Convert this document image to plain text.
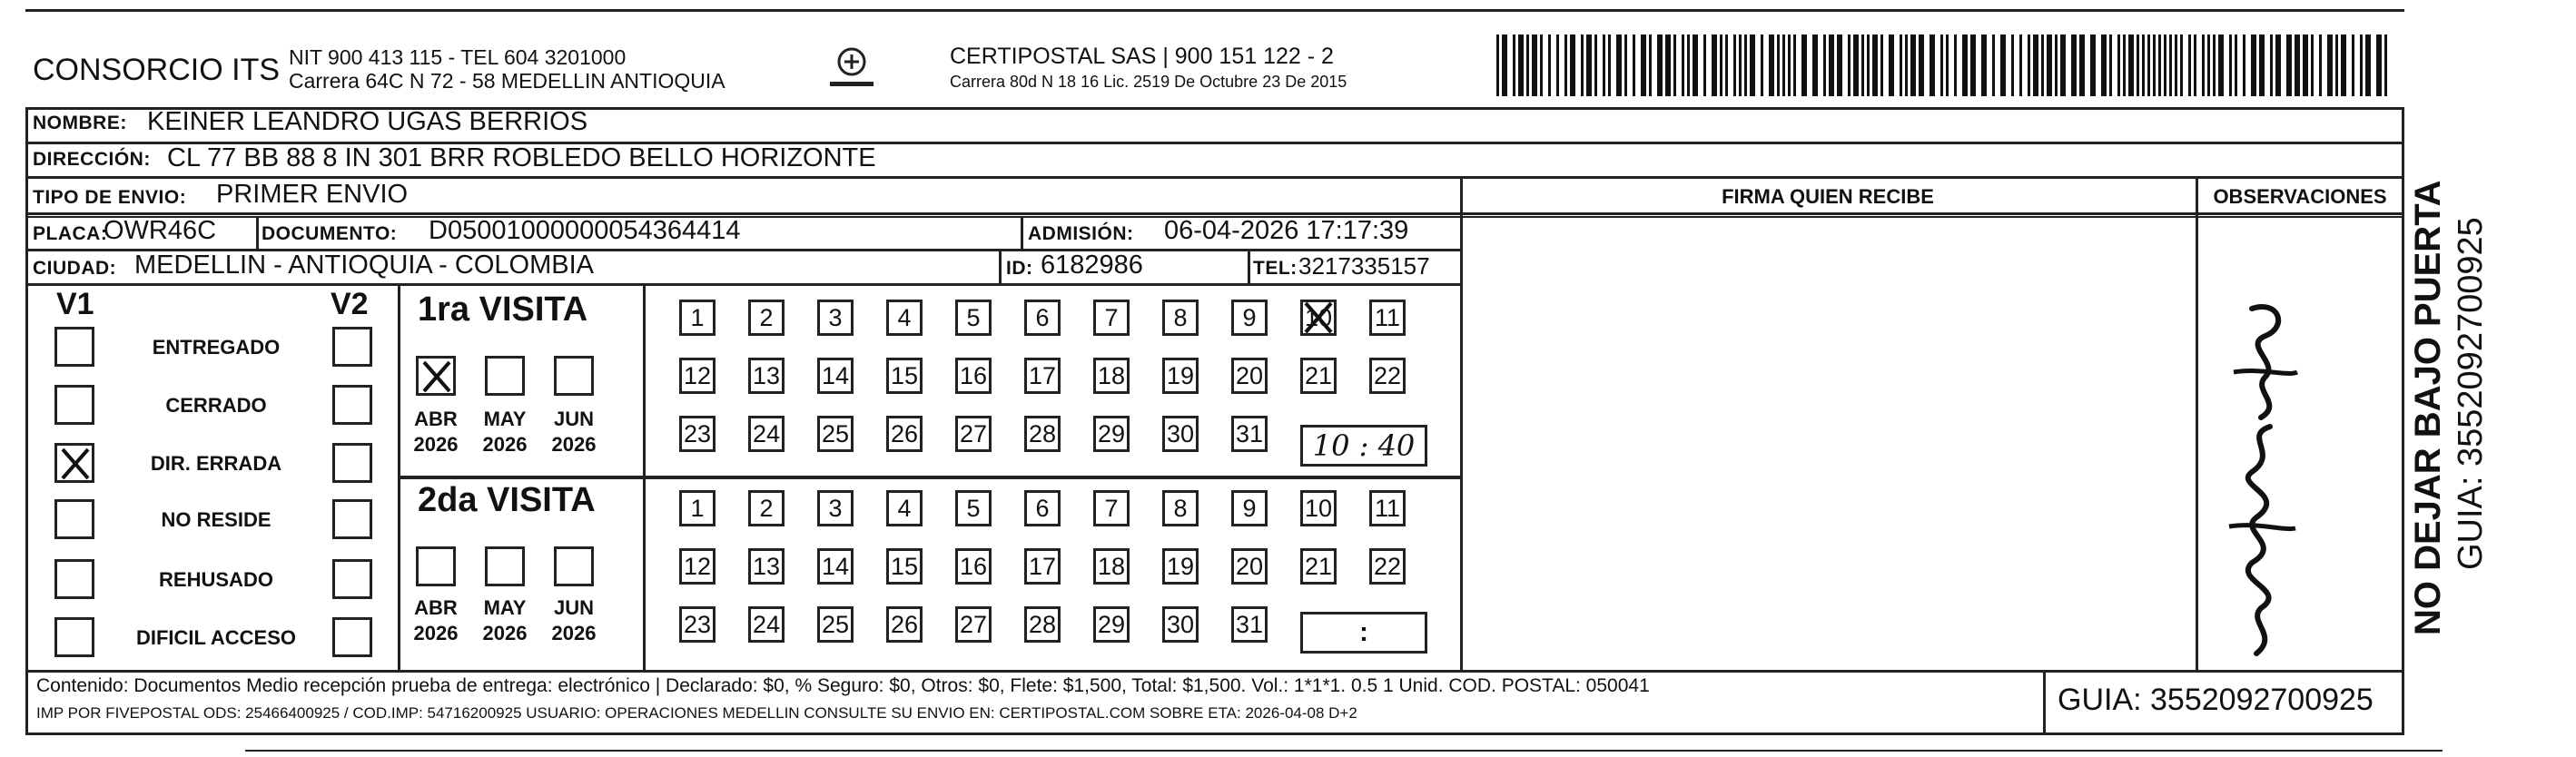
CONSORCIO ITS NIT 900 413 115 - TEL 604 3201000
Carrera 64C N 72 - 58 MEDELLIN ANTIOQUIA
CERTIPOSTAL SAS | 900 151 122 - 2
Carrera 80d N 18 16 Lic. 2519 De Octubre 23 De 2015
NOMBRE: KEINER LEANDRO UGAS BERRIOS
DIRECCIÓN: CL 77 BB 88 8 IN 301 BRR ROBLEDO BELLO HORIZONTE
TIPO DE ENVIO: PRIMER ENVIO	FIRMA QUIEN RECIBE	OBSERVACIONES
PLACA:
OWR46C DOCUMENTO: D05001000000054364414	ADMISIÓN: 06-04-2026 17:17:39
CIUDAD: MEDELLIN - ANTIOQUIA - COLOMBIA	ID: 6182986	TEL: 3217335157
V1	V2
ENTREGADO
CERRADO
DIR. ERRADA
NO RESIDE
REHUSADO
DIFICIL ACCESO
1ra VISITA
2da VISITA
ABR
2026
MAY
2026
JUN
2026
ABR
2026
MAY
2026
JUN
2026
1	2	3	4	5	6	7	8	9	10 11
12 13 14 15 16 17 18 19 20 21 22
23 24 25 26 27 28 29 30 31
1	2	3	4	5	6	7	8	9	10 11
12 13 14 15 16 17 18 19 20 21 22
23 24 25 26 27 28 29 30 31
10 : 40
:
Contenido: Documentos Medio recepción prueba de entrega: electrónico | Declarado: $0, % Seguro: $0, Otros: $0, Flete: $1,500, Total: $1,500. Vol.: 1*1*1. 0.5 1 Unid. COD. POSTAL: 050041
IMP POR FIVEPOSTAL ODS: 25466400925 / COD.IMP: 54716200925 USUARIO: OPERACIONES MEDELLIN CONSULTE SU ENVIO EN: CERTIPOSTAL.COM SOBRE ETA: 2026-04-08 D+2	GUIA: 3552092700925
NO DEJAR BAJO PUERTA GUIA: 3552092700925
